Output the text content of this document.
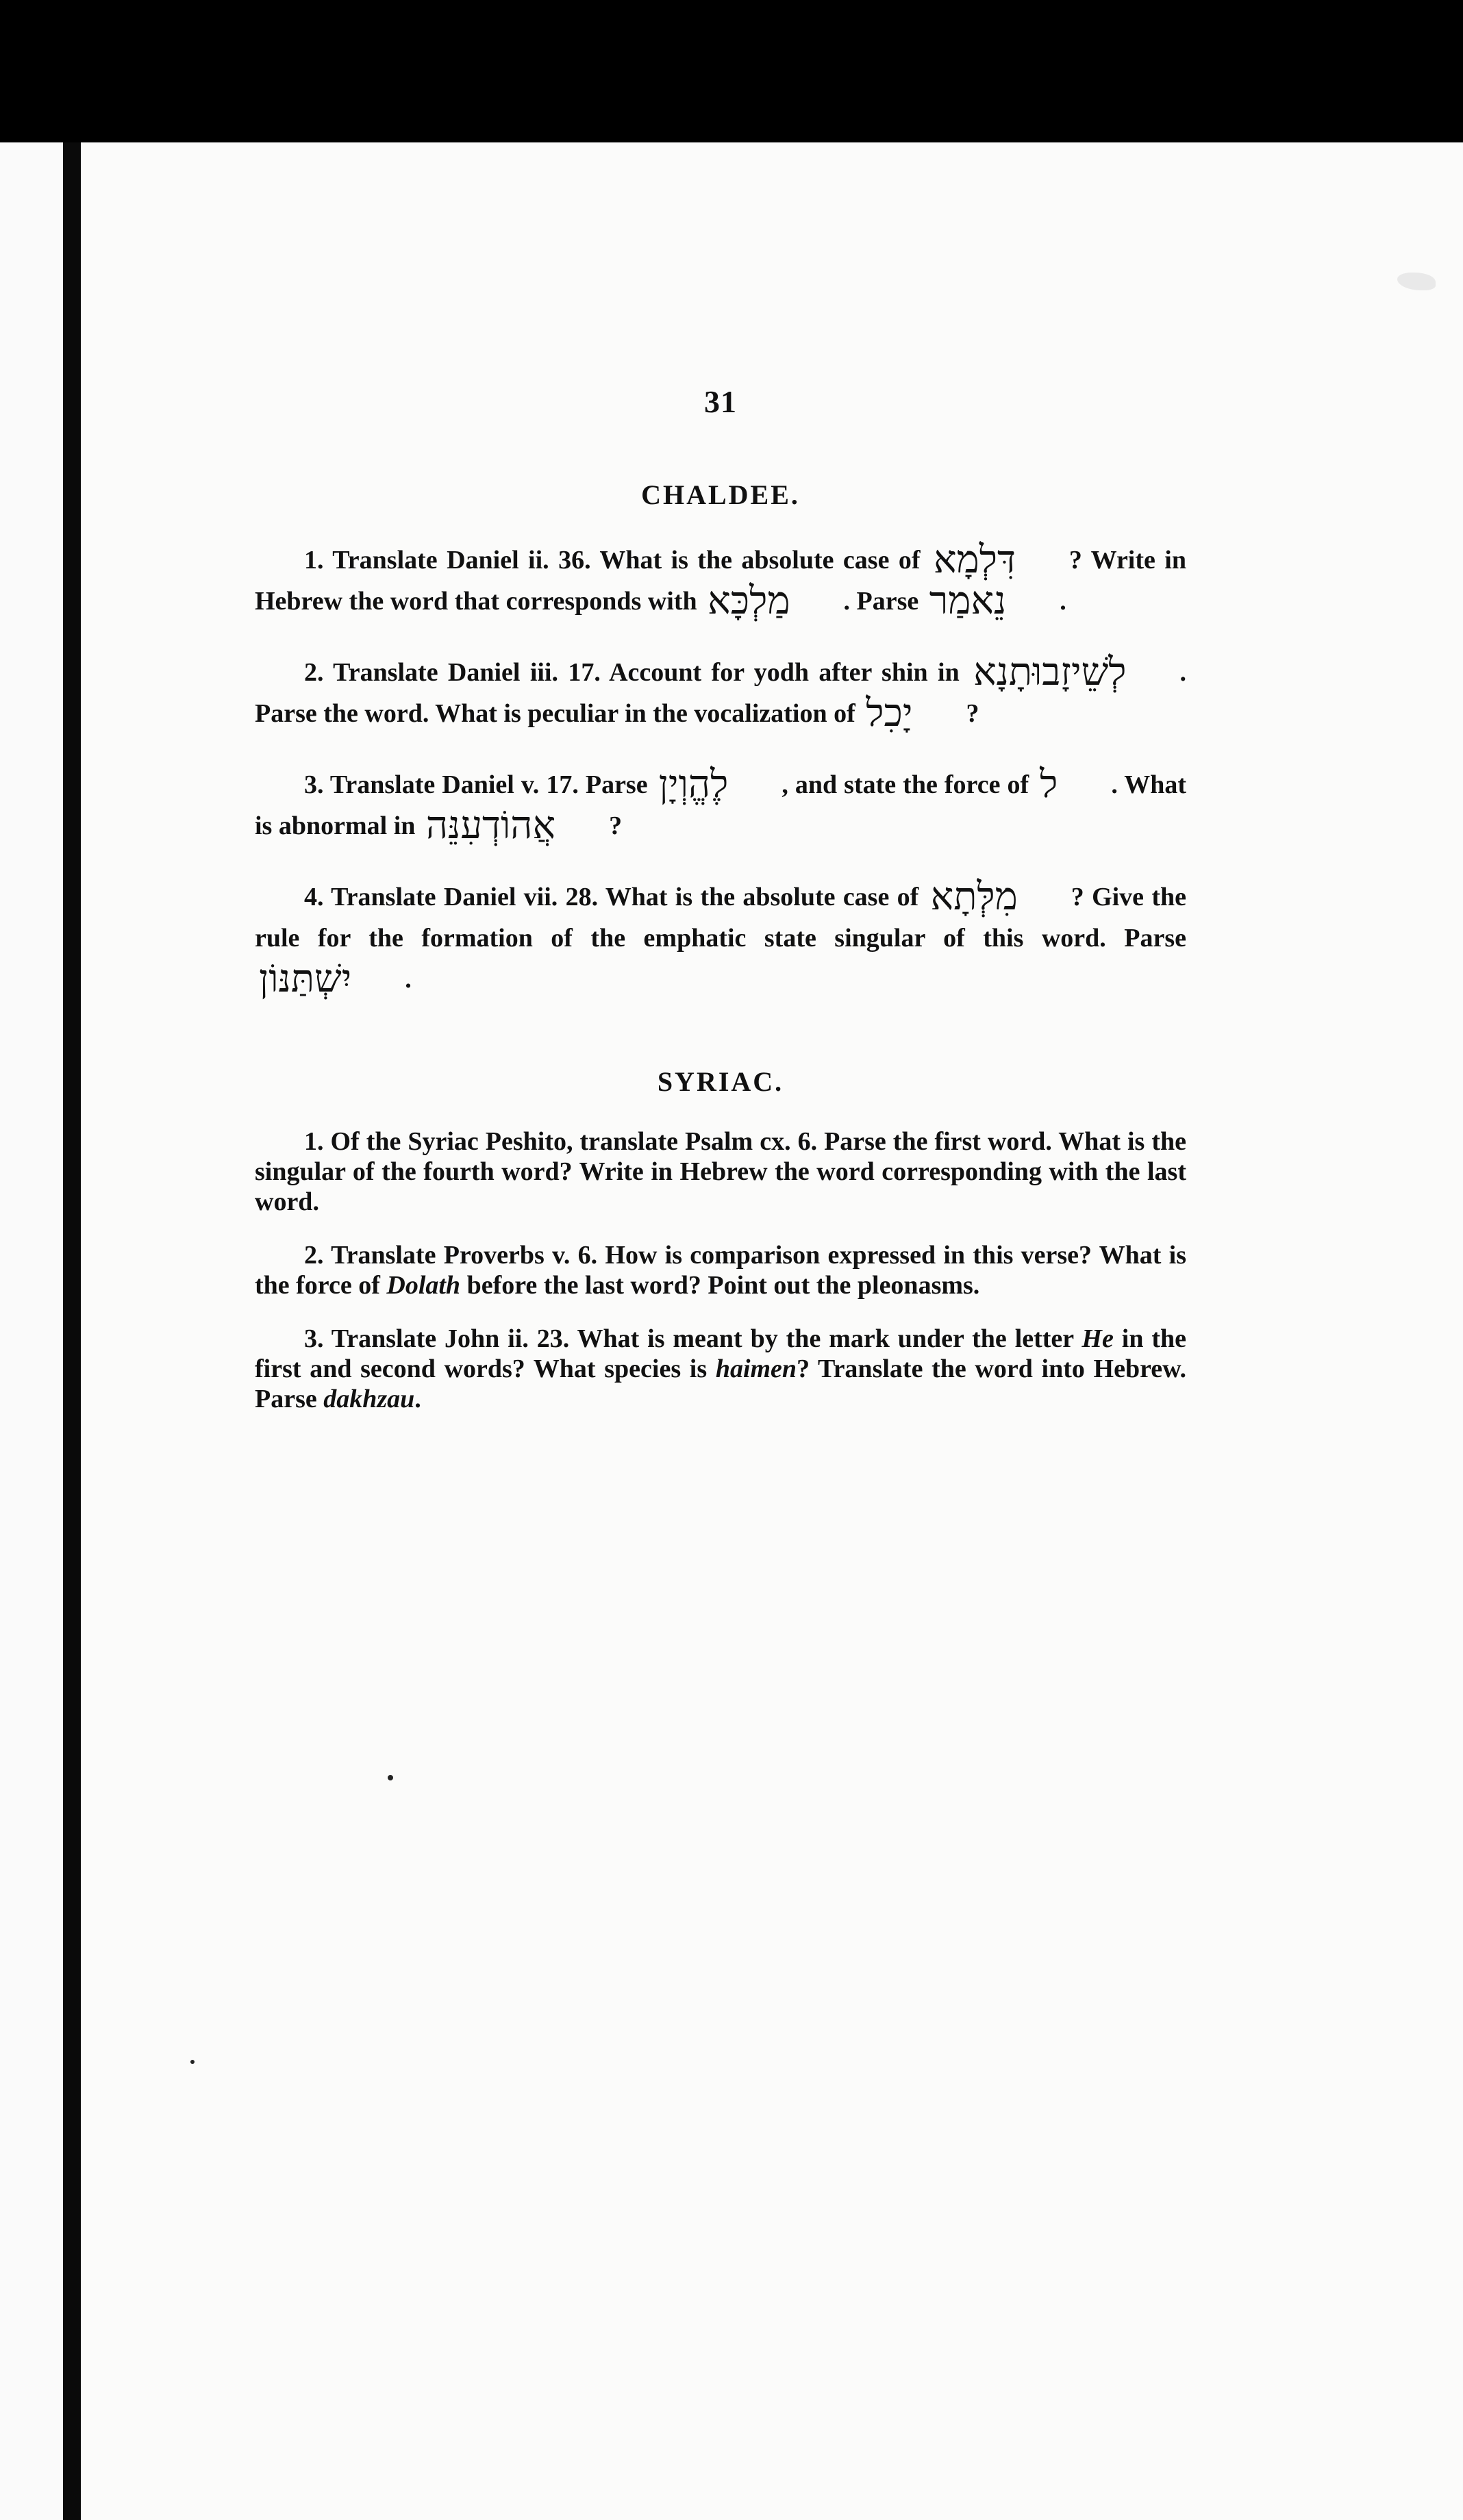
31
CHALDEE.

1. Translate Daniel ii. 36. What is the absolute case of דִּלְמָא ? Write in Hebrew the word that corresponds with מַלְכָּא . Parse נֵאמַר .

2. Translate Daniel iii. 17. Account for yodh after shin in לְשֵׁיזָבוּתָנָא . Parse the word. What is peculiar in the vocalization of יָכִל ?

3. Translate Daniel v. 17. Parse לֶהֱוְיָן , and state the force of ל . What is abnormal in אֲהוֹדְעִנֵּה ?

4. Translate Daniel vii. 28. What is the absolute case of מִלְּתָא ? Give the rule for the formation of the emphatic state singular of this word. Parse יִשְׁתַּנּוֹן .

SYRIAC.

1. Of the Syriac Peshito, translate Psalm cx. 6. Parse the first word. What is the singular of the fourth word? Write in Hebrew the word corresponding with the last word.

2. Translate Proverbs v. 6. How is comparison expressed in this verse? What is the force of Dolath before the last word? Point out the pleonasms.

3. Translate John ii. 23. What is meant by the mark under the letter He in the first and second words? What species is haimen? Translate the word into Hebrew. Parse dakhzau.
